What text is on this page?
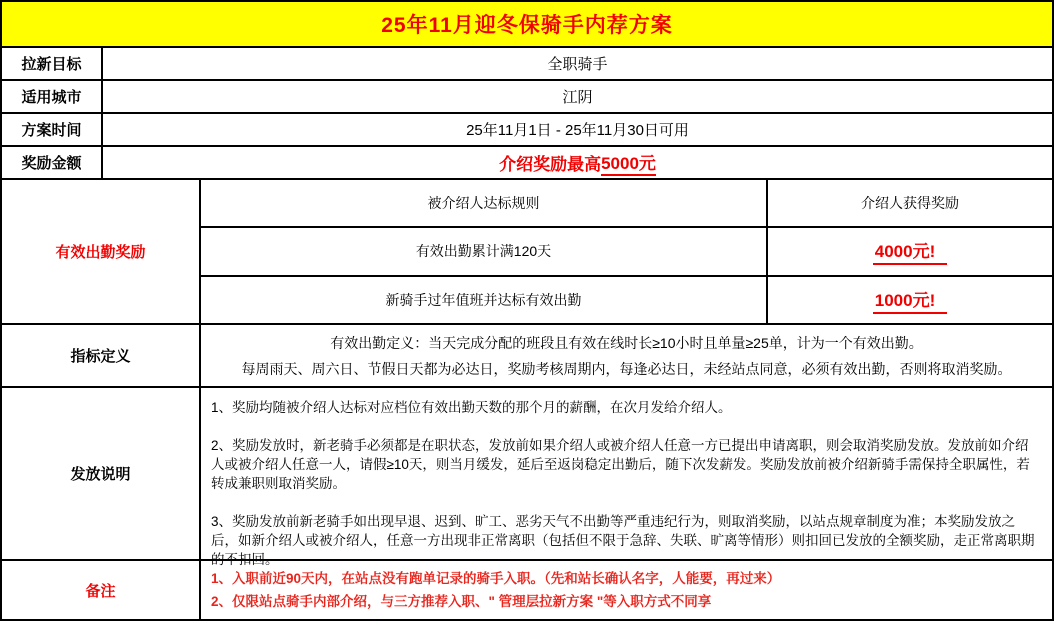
25年11月迎冬保骑手内荐方案
拉新目标	全职骑手
适用城市	江阴
方案时间	25年11月1日 - 25年11月30日可用
奖励金额	介绍奖励最高 5000元
有效出勤奖励
被介绍人达标规则	介绍人获得奖励
有效出勤累计满120天	4000元!
新骑手过年值班并达标有效出勤	1000元!
指标定义
有效出勤定义：当天完成分配的班段且有效在线时长≥10小时且单量≥25单，计为一个有效出勤。
每周雨天、周六日、节假日天都为必达日，奖励考核周期内，每逢必达日，未经站点同意，必须有效出勤，否则将取消奖励。
发放说明

1、奖励均随被介绍人达标对应档位有效出勤天数的那个月的薪酬，在次月发给介绍人。

2、奖励发放时，新老骑手必须都是在职状态，发放前如果介绍人或被介绍人任意一方已提出申请离职，则会取消奖励发放。发放前如介绍人或被介绍人任意一人，请假≥10天，则当月缓发，延后至返岗稳定出勤后，随下次发薪发。奖励发放前被介绍新骑手需保持全职属性，若转成兼职则取消奖励。

3、奖励发放前新老骑手如出现早退、迟到、旷工、恶劣天气不出勤等严重违纪行为，则取消奖励，以站点规章制度为准；本奖励发放之后，如新介绍人或被介绍人，任意一方出现非正常离职（包括但不限于急辞、失联、旷离等情形）则扣回已发放的全额奖励，走正常离职期的不扣回。

备注
1、入职前近90天内，在站点没有跑单记录的骑手入职。（先和站长确认名字，人能要，再过来）
2、仅限站点骑手内部介绍，与三方推荐入职、" 管理层拉新方案 "等入职方式不同享
